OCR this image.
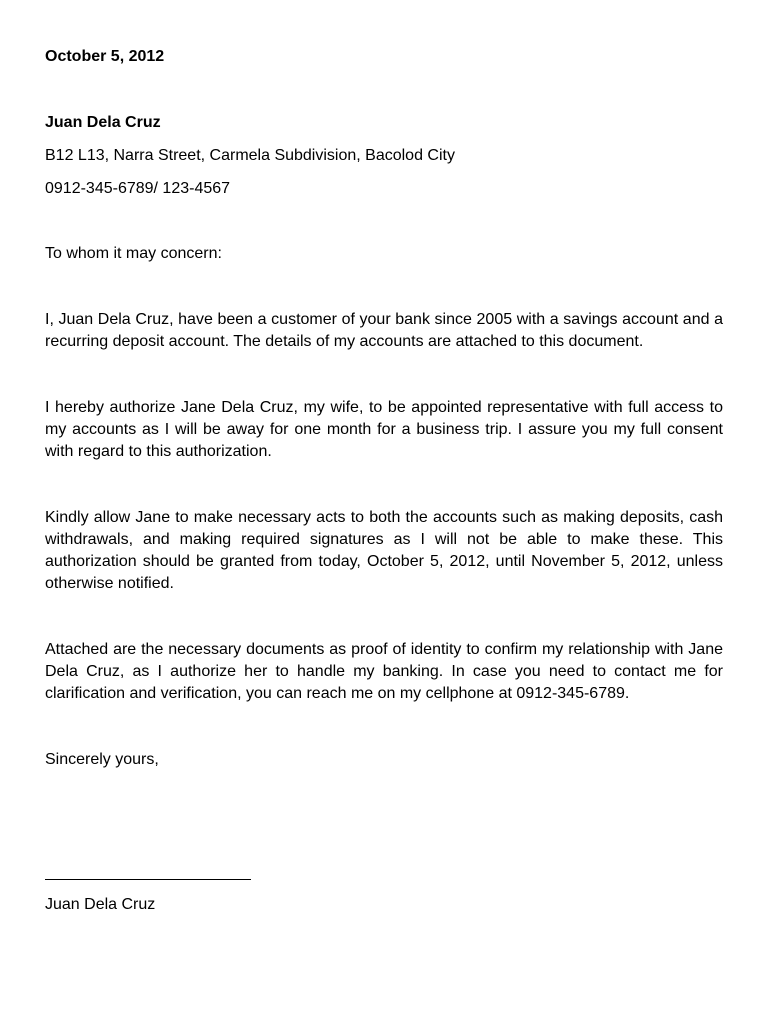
October 5, 2012

Juan Dela Cruz

B12 L13, Narra Street, Carmela Subdivision, Bacolod City

0912-345-6789/ 123-4567

To whom it may concern:

I, Juan Dela Cruz, have been a customer of your bank since 2005 with a savings account and a recurring deposit account. The details of my accounts are attached to this document.

I hereby authorize Jane Dela Cruz, my wife, to be appointed representative with full access to my accounts as I will be away for one month for a business trip. I assure you my full consent with regard to this authorization.

Kindly allow Jane to make necessary acts to both the accounts such as making deposits, cash withdrawals, and making required signatures as I will not be able to make these. This authorization should be granted from today, October 5, 2012, until November 5, 2012, unless otherwise notified.

Attached are the necessary documents as proof of identity to confirm my relationship with Jane Dela Cruz, as I authorize her to handle my banking. In case you need to contact me for clarification and verification, you can reach me on my cellphone at 0912-345-6789.

Sincerely yours,

Juan Dela Cruz
